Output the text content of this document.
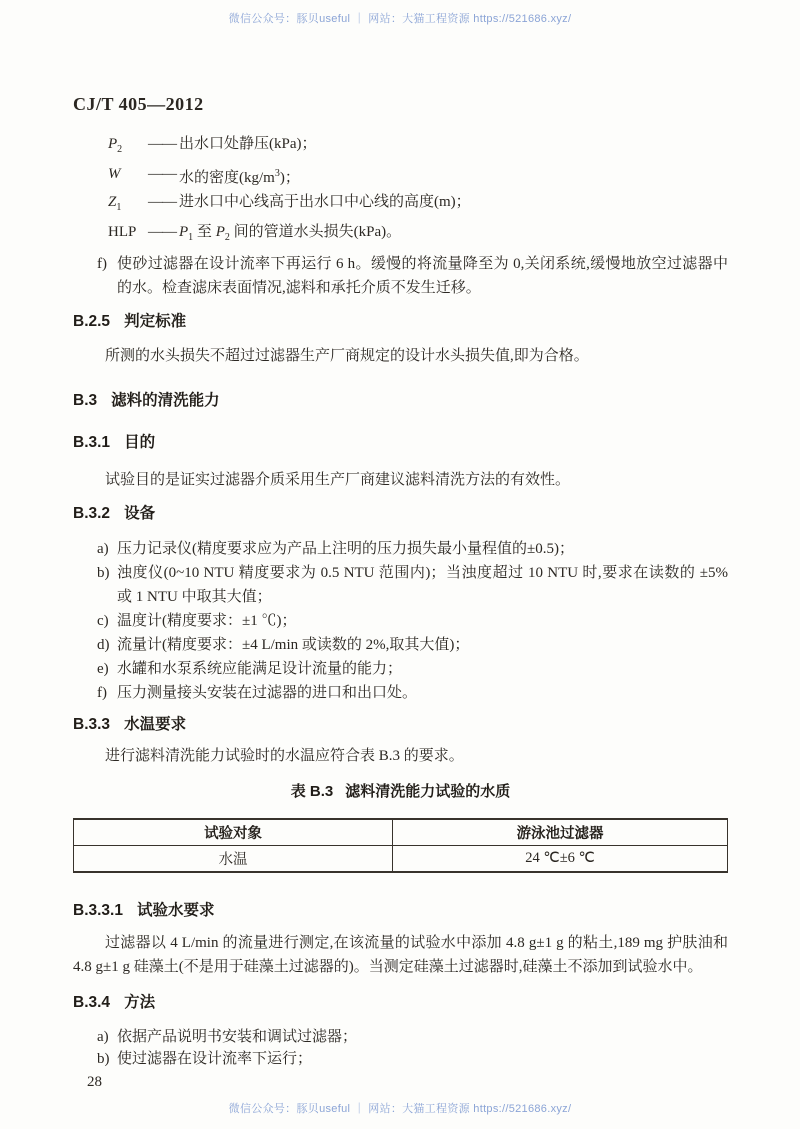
微信公众号：豚贝useful ｜ 网站：大猫工程资源 https://521686.xyz/
CJ/T 405—2012
$P_2$	—— 出水口处静压(kPa)；
W	—— 水的密度$(kg/m^3)$；
$Z_1$	—— 进水口中心线高于出水口中心线的高度(m)；
HLP —— $P_1$ 至 $P_2$ 间的管道水头损失(kPa)。
f) 使砂过滤器在设计流率下再运行 6 h。缓慢的将流量降至为 0,关闭系统,缓慢地放空过滤器中的水。检查滤床表面情况,滤料和承托介质不发生迁移。
B.2.5 判定标准

所测的水头损失不超过过滤器生产厂商规定的设计水头损失值,即为合格。

B.3 滤料的清洗能力
B.3.1 目的

试验目的是证实过滤器介质采用生产厂商建议滤料清洗方法的有效性。

B.3.2 设备
a) 压力记录仪(精度要求应为产品上注明的压力损失最小量程值的±0.5)；
b) 浊度仪(0~10 NTU 精度要求为 0.5 NTU 范围内)；当浊度超过 10 NTU 时,要求在读数的 ±5% 或 1 NTU 中取其大值；
c) 温度计(精度要求：±1 ℃)；
d) 流量计(精度要求：±4 L/min 或读数的 2%,取其大值)；
e) 水罐和水泵系统应能满足设计流量的能力；
f) 压力测量接头安装在过滤器的进口和出口处。
B.3.3 水温要求

进行滤料清洗能力试验时的水温应符合表 B.3 的要求。

表 B.3 滤料清洗能力试验的水质
试验对象	游泳池过滤器
水温	24 ℃±6 ℃
B.3.3.1 试验水要求

过滤器以 4 L/min 的流量进行测定,在该流量的试验水中添加 4.8 g±1 g 的粘土,189 mg 护肤油和 4.8 g±1 g 硅藻土(不是用于硅藻土过滤器的)。当测定硅藻土过滤器时,硅藻土不添加到试验水中。

B.3.4 方法
a) 依据产品说明书安装和调试过滤器；
b) 使过滤器在设计流率下运行；
28
微信公众号：豚贝useful ｜ 网站：大猫工程资源 https://521686.xyz/
